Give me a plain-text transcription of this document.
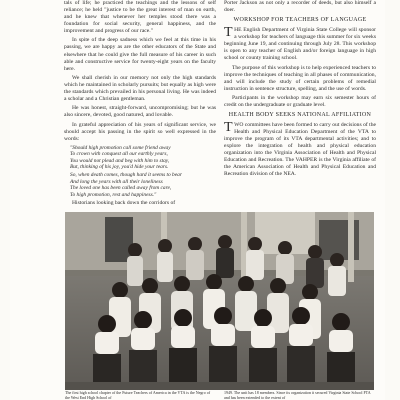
tals of life; he practiced the teachings and the lessons of self reliance; he held "justice to be the great interest of man on earth, and he knew that whenever her temples stood there was a foundation for social security, general happiness, and the improvement and progress of our race."

In spite of the deep sadness which we feel at this time in his passing, we are happy as are the other educators of the State and elsewhere that he could give the full measure of his career in such able and constructive service for twenty-eight years on the faculty here.

We shall cherish in our memory not only the high standards which he maintained in scholarly pursuits; but equally as high were the standards which prevailed in his personal living. He was indeed a scholar and a Christian gentleman.

He was honest, straight-forward, uncompromising; but he was also sincere, devoted, good natured, and lovable.

In grateful appreciation of his years of significant service, we should accept his passing in the spirit so well expressed in the words:

"Should high promotion call some friend away
To crown with conquest all our earthly years,
You would not plead and beg with him to stay,
But, thinking of his joy, you'd hide your tears.
So, when death comes, though hard it seems to bear
And long the years with all their loneliness
The loved one has been called away from care,
To high promotion, rest and happiness."

Historians looking back down the corridors of

Porter Jackson as not only a recorder of deeds, but also himself a doer.

WORKSHOP FOR TEACHERS OF LANGUAGE

THE English Department of Virginia State College will sponsor a workshop for teachers of language this summer for six weeks beginning June 19, and continuing through July 28. This workshop is open to any teacher of English and/or foreign language in high school or county training school.

The purpose of this workshop is to help experienced teachers to improve the techniques of teaching in all phases of communication, and will include the study of certain problems of remedial instruction in sentence structure, spelling, and the use of words.

Participants in the workshop may earn six semester hours of credit on the undergraduate or graduate level.

HEALTH BODY SEEKS NATIONAL AFFILIATION

TWO committees have been formed to carry out decisions of the Health and Physical Education Department of the VTA to improve the program of its VTA departmental activities; and to explore the integration of health and physical education organization into the Virginia Association of Health and Physical Education and Recreation. The VAHPER is the Virginia affiliate of the American Association of Health and Physical Education and Recreation division of the NEA.

The first high school chapter of the Future Teachers of America in the VTA is the Negro of the West End High School of
1949. The unit has 18 members. Since its organization it secured Virginia State School FTA and has been extended to the extent of
